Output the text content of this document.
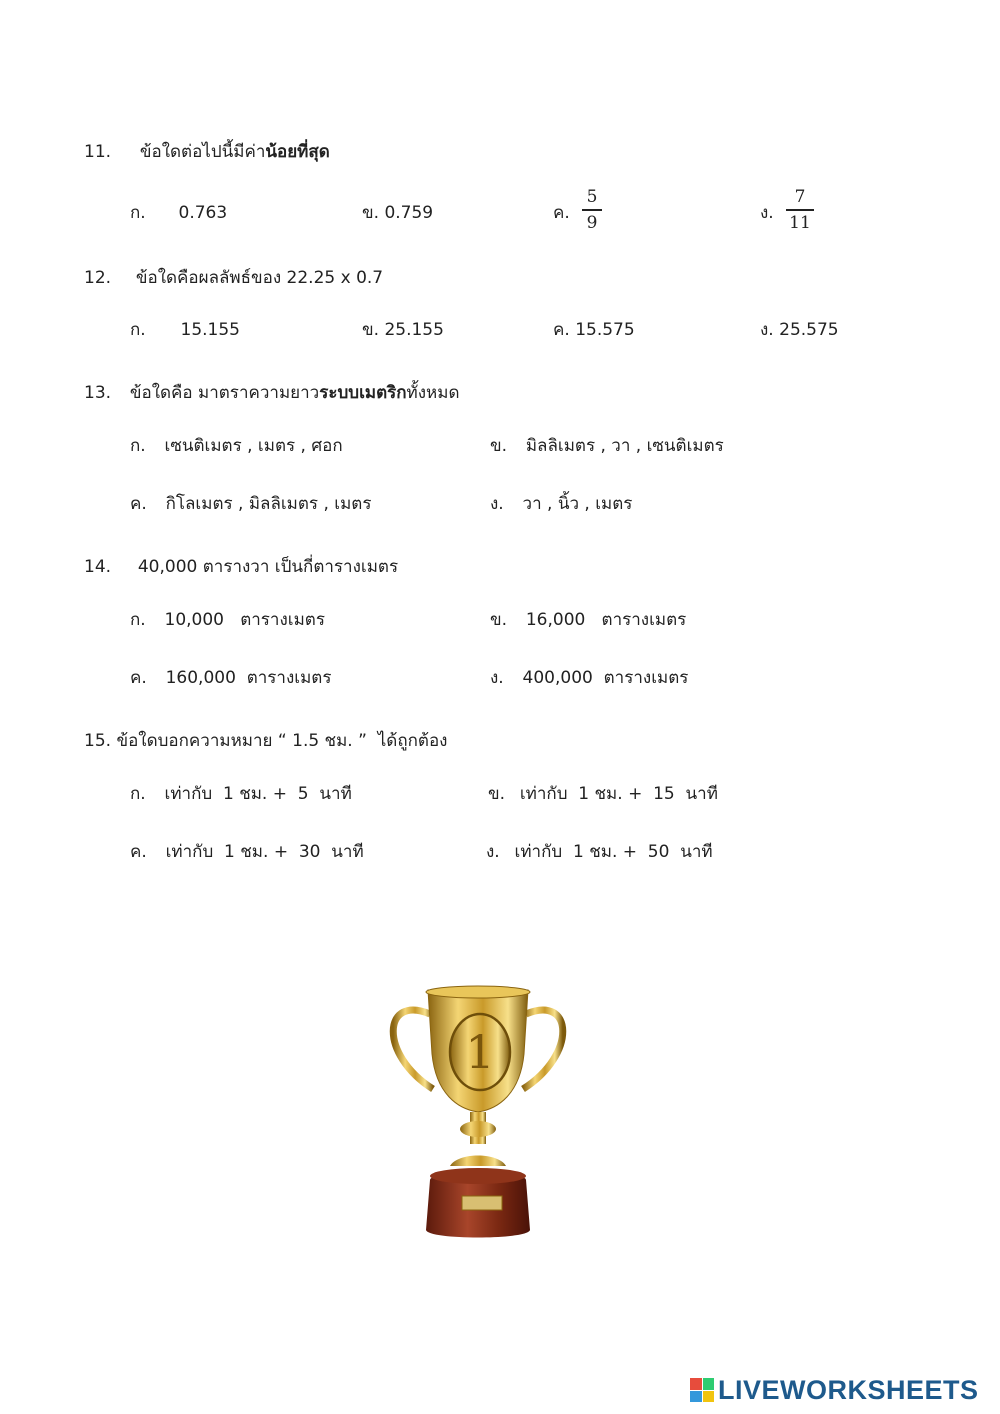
11. ข้อใดต่อไปนี้มีค่าน้อยที่สุด
ก. 0.763	ข. 0.759	ค.
5
9	ง.
7
11
12. ข้อใดคือผลลัพธ์ของ 22.25 x 0.7
ก. 15.155	ข. 25.155	ค. 15.575	ง. 25.575
13. ข้อใดคือ มาตราความยาวระบบเมตริกทั้งหมด
ก. เซนติเมตร , เมตร , ศอก	ข. มิลลิเมตร , วา , เซนติเมตร
ค. กิโลเมตร , มิลลิเมตร , เมตร	ง. วา , นิ้ว , เมตร
14. 40,000 ตารางวา เป็นกี่ตารางเมตร
ก. 10,000   ตารางเมตร	ข. 16,000   ตารางเมตร
ค. 160,000  ตารางเมตร	ง. 400,000  ตารางเมตร
15. ข้อใดบอกความหมาย “ 1.5 ชม. ”  ได้ถูกต้อง
ก. เท่ากับ  1 ชม. +  5  นาที	ข. เท่ากับ  1 ชม. +  15  นาที
ค. เท่ากับ  1 ชม. +  30  นาที	ง. เท่ากับ  1 ชม. +  50  นาที
1
LIVEWORKSHEETS
